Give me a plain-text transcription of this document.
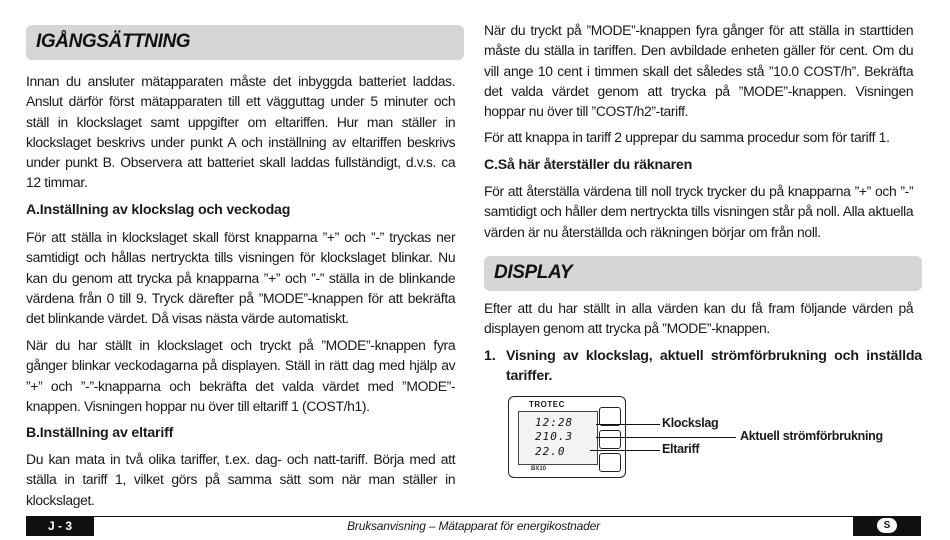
IGÅNGSÄTTNING
Innan du ansluter mätapparaten måste det inbyggda batteriet laddas. Anslut därför först mätapparaten till ett vägguttag under 5 minuter och ställ in klockslaget samt uppgifter om eltariffen. Hur man ställer in klockslaget beskrivs under punkt A och inställning av eltariffen beskrivs under punkt B. Observera att batteriet skall laddas fullständigt, d.v.s. ca 12 timmar.
A.Inställning av klockslag och veckodag
För att ställa in klockslaget skall först knapparna ”+” och ”-” tryckas ner samtidigt och hållas nertryckta tills visningen för klockslaget blinkar. Nu kan du genom att trycka på knapparna ”+” och ”-” ställa in de blinkande värdena från 0 till 9. Tryck därefter på ”MODE”-knappen för att bekräfta det blinkande värdet. Då visas nästa värde automatiskt.
När du har ställt in klockslaget och tryckt på ”MODE”-knappen fyra gånger blinkar veckodagarna på displayen. Ställ in rätt dag med hjälp av ”+” och ”-”-knapparna och bekräfta det valda värdet med ”MODE”-knappen. Visningen hoppar nu över till eltariff 1 (COST/h1).
B.Inställning av eltariff
Du kan mata in två olika tariffer, t.ex. dag- och natt-tariff. Börja med att ställa in tariff 1, vilket görs på samma sätt som när man ställer in klockslaget.
När du tryckt på ”MODE”-knappen fyra gånger för att ställa in starttiden måste du ställa in tariffen. Den avbildade enheten gäller för cent. Om du vill ange 10 cent i timmen skall det således stå ”10.0 COST/h”. Bekräfta det valda värdet genom att trycka på ”MODE”-knappen. Visningen hoppar nu över till ”COST/h2”-tariff.
För att knappa in tariff 2 upprepar du samma procedur som för tariff 1.
C.Så här återställer du räknaren
För att återställa värdena till noll tryck trycker du på knapparna ”+” och ”-” samtidigt och håller dem nertryckta tills visningen står på noll. Alla aktuella värden är nu återställda och räkningen börjar om från noll.
DISPLAY
Efter att du har ställt in alla värden kan du få fram följande värden på displayen genom att trycka på ”MODE”-knappen.
1. Visning av klockslag, aktuell strömförbrukning och inställda tariffer.
TROTEC
12:28
210.3
22.0
BX10
Klockslag
Aktuell strömförbrukning
Eltariff
J - 3	Bruksanvisning – Mätapparat för energikostnader	S
